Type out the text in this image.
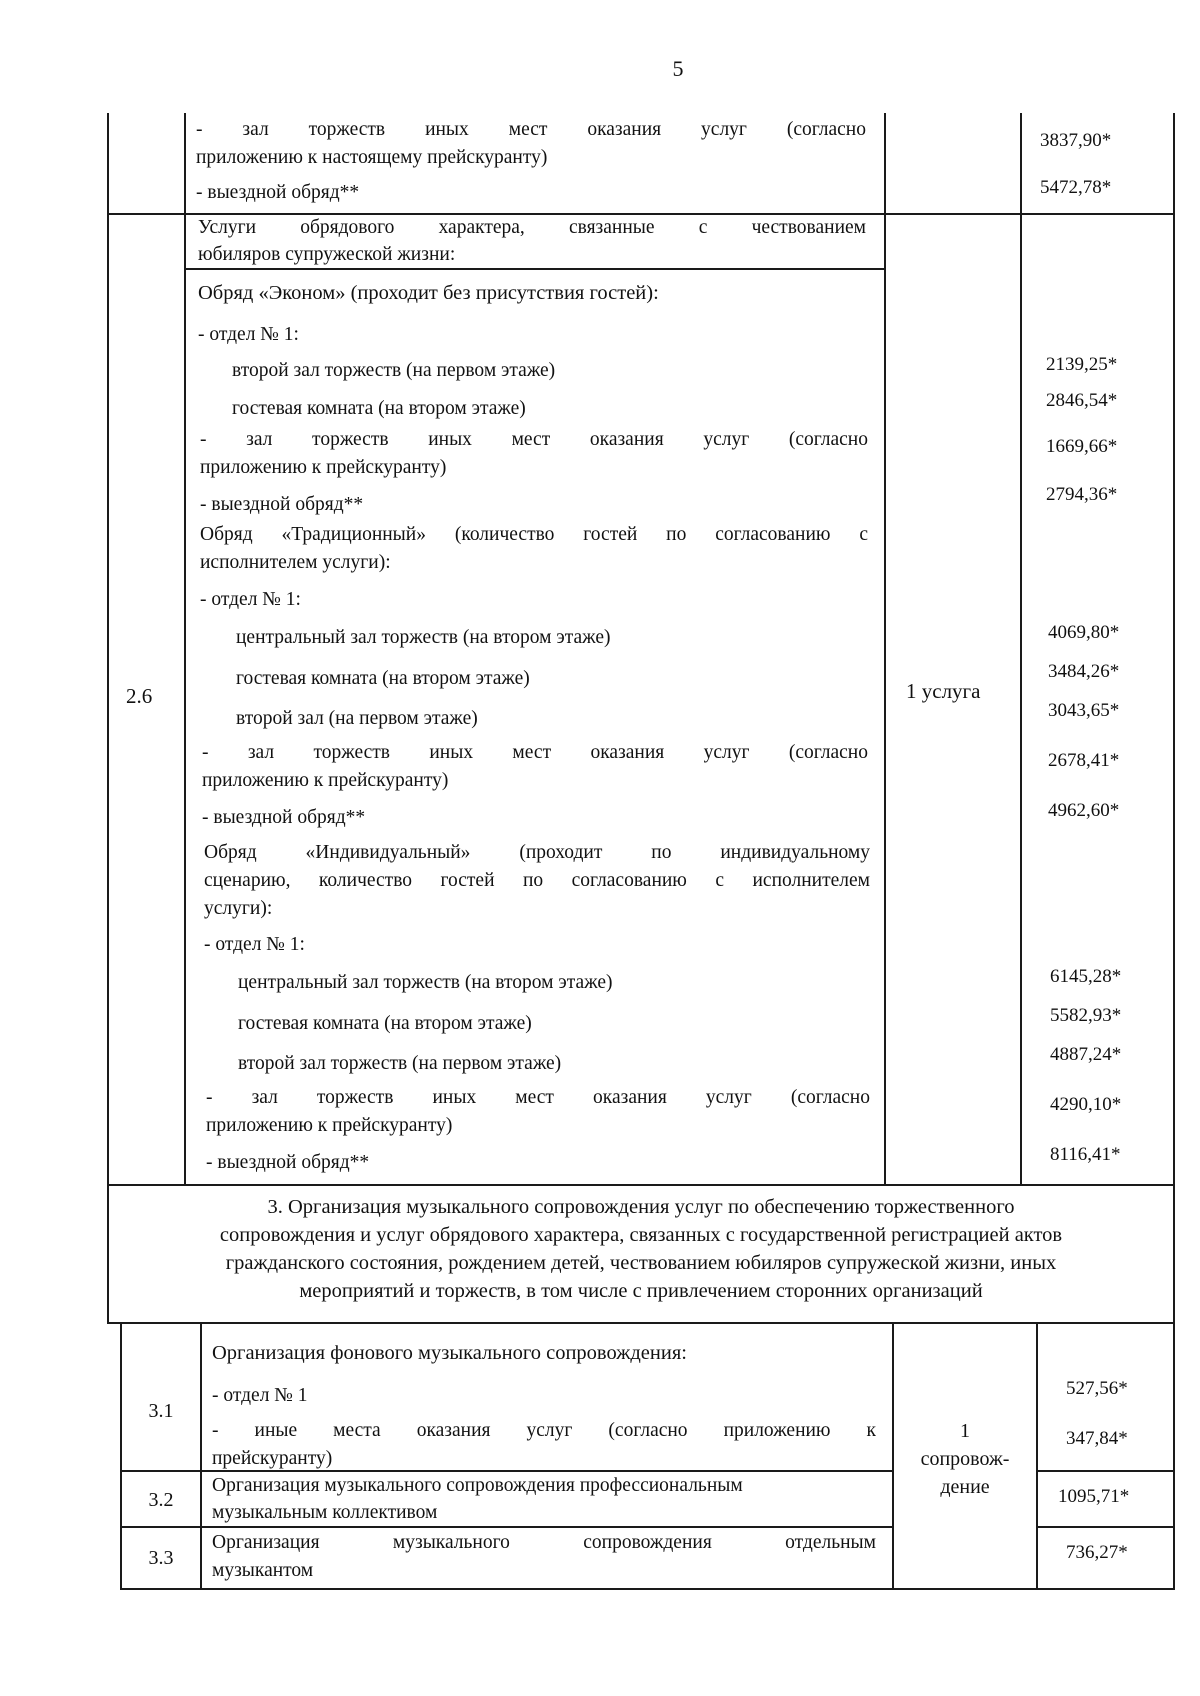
5
- зал торжеств иных мест оказания услуг (согласно
приложению к настоящему прейскуранту)
- выездной обряд**
3837,90*
5472,78*
2.6	1 услуга
Услуги обрядового характера, связанные с чествованием
юбиляров супружеской жизни:
Обряд «Эконом» (проходит без присутствия гостей):
- отдел № 1:
второй зал торжеств (на первом этаже)
гостевая комната (на втором этаже)
- зал торжеств иных мест оказания услуг (согласно
приложению к прейскуранту)
- выездной обряд**
2139,25*
2846,54*
1669,66*
2794,36*
Обряд «Традиционный» (количество гостей по согласованию с
исполнителем услуги):
- отдел № 1:
центральный зал торжеств (на втором этаже)
гостевая комната (на втором этаже)
второй зал (на первом этаже)
- зал торжеств иных мест оказания услуг (согласно
приложению к прейскуранту)
- выездной обряд**
4069,80*
3484,26*
3043,65*
2678,41*
4962,60*
Обряд «Индивидуальный» (проходит по индивидуальному
сценарию, количество гостей по согласованию с исполнителем
услуги):
- отдел № 1:
центральный зал торжеств (на втором этаже)
гостевая комната (на втором этаже)
второй зал торжеств (на первом этаже)
- зал торжеств иных мест оказания услуг (согласно
приложению к прейскуранту)
- выездной обряд**
6145,28*
5582,93*
4887,24*
4290,10*
8116,41*
3. Организация музыкального сопровождения услуг по обеспечению торжественного
сопровождения и услуг обрядового характера, связанных с государственной регистрацией актов
гражданского состояния, рождением детей, чествованием юбиляров супружеской жизни, иных
мероприятий и торжеств, в том числе с привлечением сторонних организаций
3.1
Организация фонового музыкального сопровождения:
- отдел № 1
- иные места оказания услуг (согласно приложению к
прейскуранту)
527,56*
347,84*
1
сопровож-
дение
3.2
Организация музыкального сопровождения профессиональным
музыкальным коллективом
1095,71*
3.3
Организация музыкального сопровождения отдельным
музыкантом
736,27*
